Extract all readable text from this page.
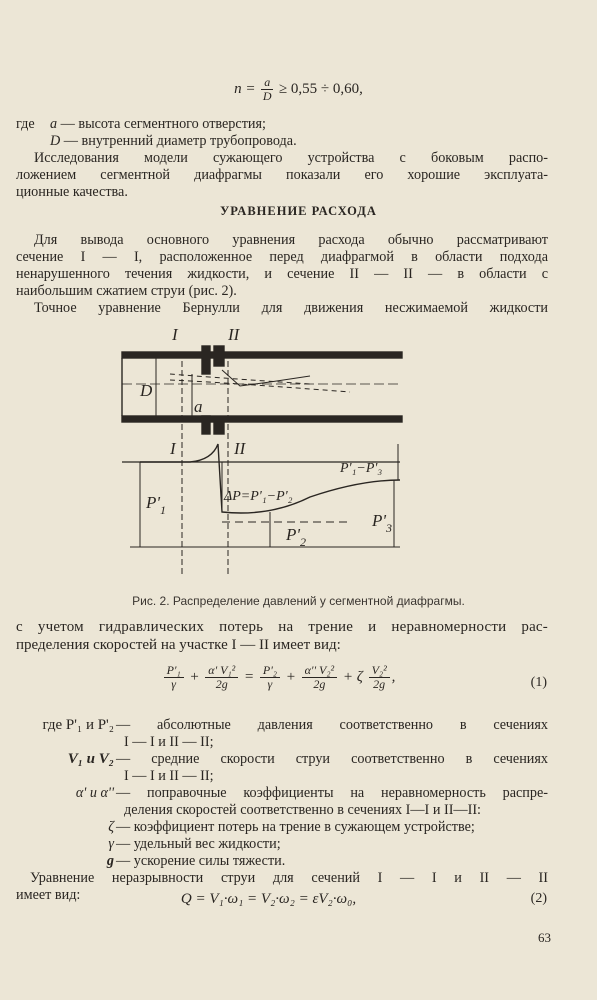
$n = \frac{a}{D} \ge 0,55 \div 0,60$,
где a — высота сегментного отверстия;
D — внутренний диаметр трубопровода.
Исследования модели сужающего устройства с боковым распо-
ложением сегментной диафрагмы показали его хорошие эксплуата-
ционные качества.
УРАВНЕНИЕ РАСХОДА
Для вывода основного уравнения расхода обычно рассматривают
сечение I — I, расположенное перед диафрагмой в области подхода
ненарушенного течения жидкости, и сечение II — II — в области с
наибольшим сжатием струи (рис. 2).
Точное уравнение Бернулли для движения несжимаемой жидкости
I	II
D
a
I	II
$P'_1$
ΔP=P'₁−P'₂
$P'_2$
$P'_3$
P'₁−P'₃
Рис. 2. Распределение давлений у сегментной диафрагмы.
с учетом гидравлических потерь на трение и неравномерности рас-
пределения скоростей на участке I — II имеет вид:
$\frac{\text{P'₁}}{\gamma} + \frac{\text{α' V₁²}}{2g} = \frac{\text{P'₂}}{\gamma} + \frac{\text{α'' V₂²}}{2g} + \zeta \frac{\text{V₂²}}{2g}$ ,	(1)
где P'₁ и P'₂ — абсолютные давления соответственно в сечениях
I — I и II — II;
V₁ и V₂ — средние скорости струи соответственно в сечениях
I — I и II — II;
α' и α'' — поправочные коэффициенты на неравномерность распре-
деления скоростей соответственно в сечениях I—I и II—II:
ζ — коэффициент потерь на трение в сужающем устройстве;
γ — удельный вес жидкости;
g — ускорение силы тяжести.
Уравнение неразрывности струи для сечений I — I и II — II
имеет вид:	Q = V₁·ω₁ = V₂·ω₂ = εV₂·ω₀,	(2)
63
